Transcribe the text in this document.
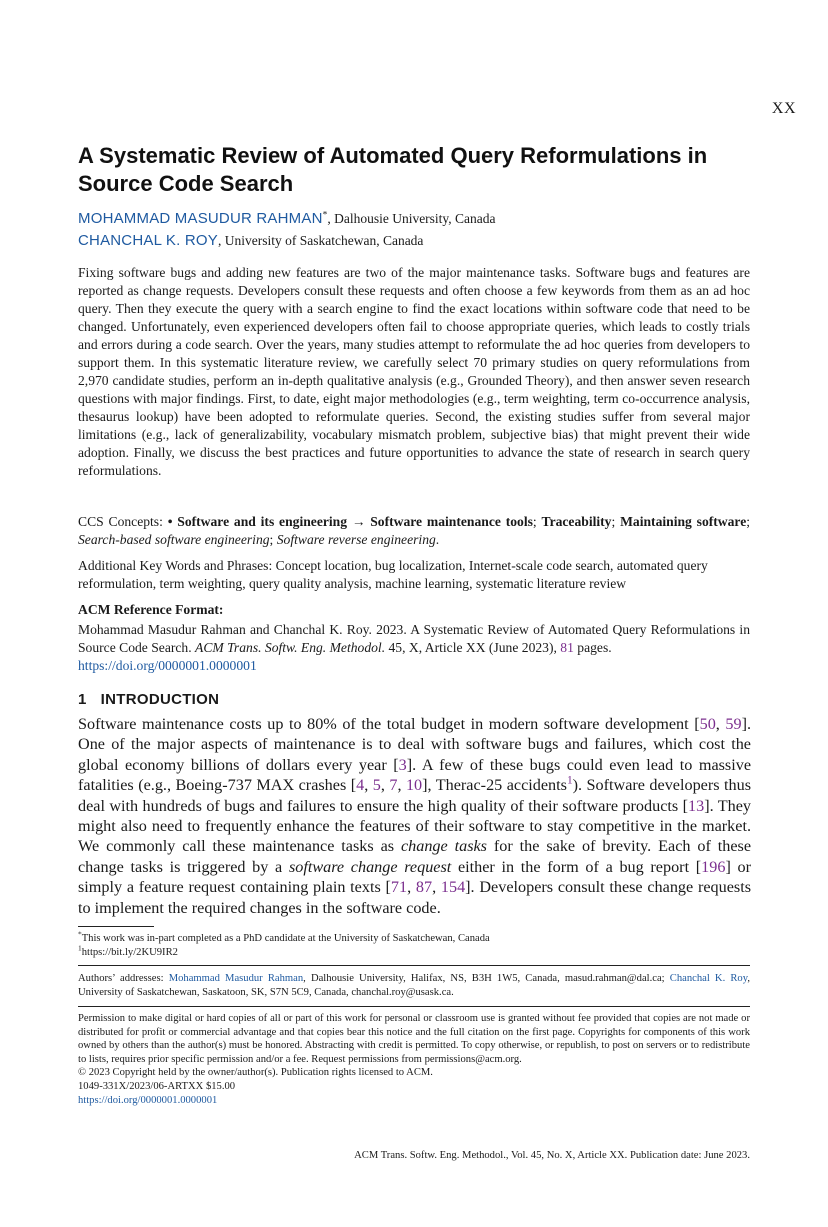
XX
A Systematic Review of Automated Query Reformulations in
Source Code Search
MOHAMMAD MASUDUR RAHMAN*, Dalhousie University, Canada
CHANCHAL K. ROY, University of Saskatchewan, Canada
Fixing software bugs and adding new features are two of the major maintenance tasks. Software bugs and features are reported as change requests. Developers consult these requests and often choose a few keywords from them as an ad hoc query. Then they execute the query with a search engine to find the exact locations within software code that need to be changed. Unfortunately, even experienced developers often fail to choose appropriate queries, which leads to costly trials and errors during a code search. Over the years, many studies attempt to reformulate the ad hoc queries from developers to support them. In this systematic literature review, we carefully select 70 primary studies on query reformulations from 2,970 candidate studies, perform an in-depth qualitative analysis (e.g., Grounded Theory), and then answer seven research questions with major findings. First, to date, eight major methodologies (e.g., term weighting, term co-occurrence analysis, thesaurus lookup) have been adopted to reformulate queries. Second, the existing studies suffer from several major limitations (e.g., lack of generalizability, vocabulary mismatch problem, subjective bias) that might prevent their wide adoption. Finally, we discuss the best practices and future opportunities to advance the state of research in search query reformulations.
CCS Concepts: • Software and its engineering → Software maintenance tools; Traceability; Maintaining software; Search-based software engineering; Software reverse engineering.
Additional Key Words and Phrases: Concept location, bug localization, Internet-scale code search, automated query reformulation, term weighting, query quality analysis, machine learning, systematic literature review
ACM Reference Format:
Mohammad Masudur Rahman and Chanchal K. Roy. 2023. A Systematic Review of Automated Query Reformulations in Source Code Search. ACM Trans. Softw. Eng. Methodol. 45, X, Article XX (June 2023), 81 pages.
https://doi.org/0000001.0000001
1 INTRODUCTION
Software maintenance costs up to 80% of the total budget in modern software development [50, 59]. One of the major aspects of maintenance is to deal with software bugs and failures, which cost the global economy billions of dollars every year [3]. A few of these bugs could even lead to massive fatalities (e.g., Boeing-737 MAX crashes [4, 5, 7, 10], Therac-25 accidents$^1$). Software developers thus deal with hundreds of bugs and failures to ensure the high quality of their software products [13]. They might also need to frequently enhance the features of their software to stay competitive in the market. We commonly call these maintenance tasks as change tasks for the sake of brevity. Each of these change tasks is triggered by a software change request either in the form of a bug report [196] or simply a feature request containing plain texts [71, 87, 154]. Developers consult these change requests to implement the required changes in the software code.
*This work was in-part completed as a PhD candidate at the University of Saskatchewan, Canada
$^1$https://bit.ly/2KU9IR2
Authors’ addresses: Mohammad Masudur Rahman, Dalhousie University, Halifax, NS, B3H 1W5, Canada, masud.rahman@dal.ca; Chanchal K. Roy, University of Saskatchewan, Saskatoon, SK, S7N 5C9, Canada, chanchal.roy@usask.ca.
Permission to make digital or hard copies of all or part of this work for personal or classroom use is granted without fee provided that copies are not made or distributed for profit or commercial advantage and that copies bear this notice and the full citation on the first page. Copyrights for components of this work owned by others than the author(s) must be honored. Abstracting with credit is permitted. To copy otherwise, or republish, to post on servers or to redistribute to lists, requires prior specific permission and/or a fee. Request permissions from permissions@acm.org.
© 2023 Copyright held by the owner/author(s). Publication rights licensed to ACM.
1049-331X/2023/06-ARTXX $15.00
https://doi.org/0000001.0000001
ACM Trans. Softw. Eng. Methodol., Vol. 45, No. X, Article XX. Publication date: June 2023.
